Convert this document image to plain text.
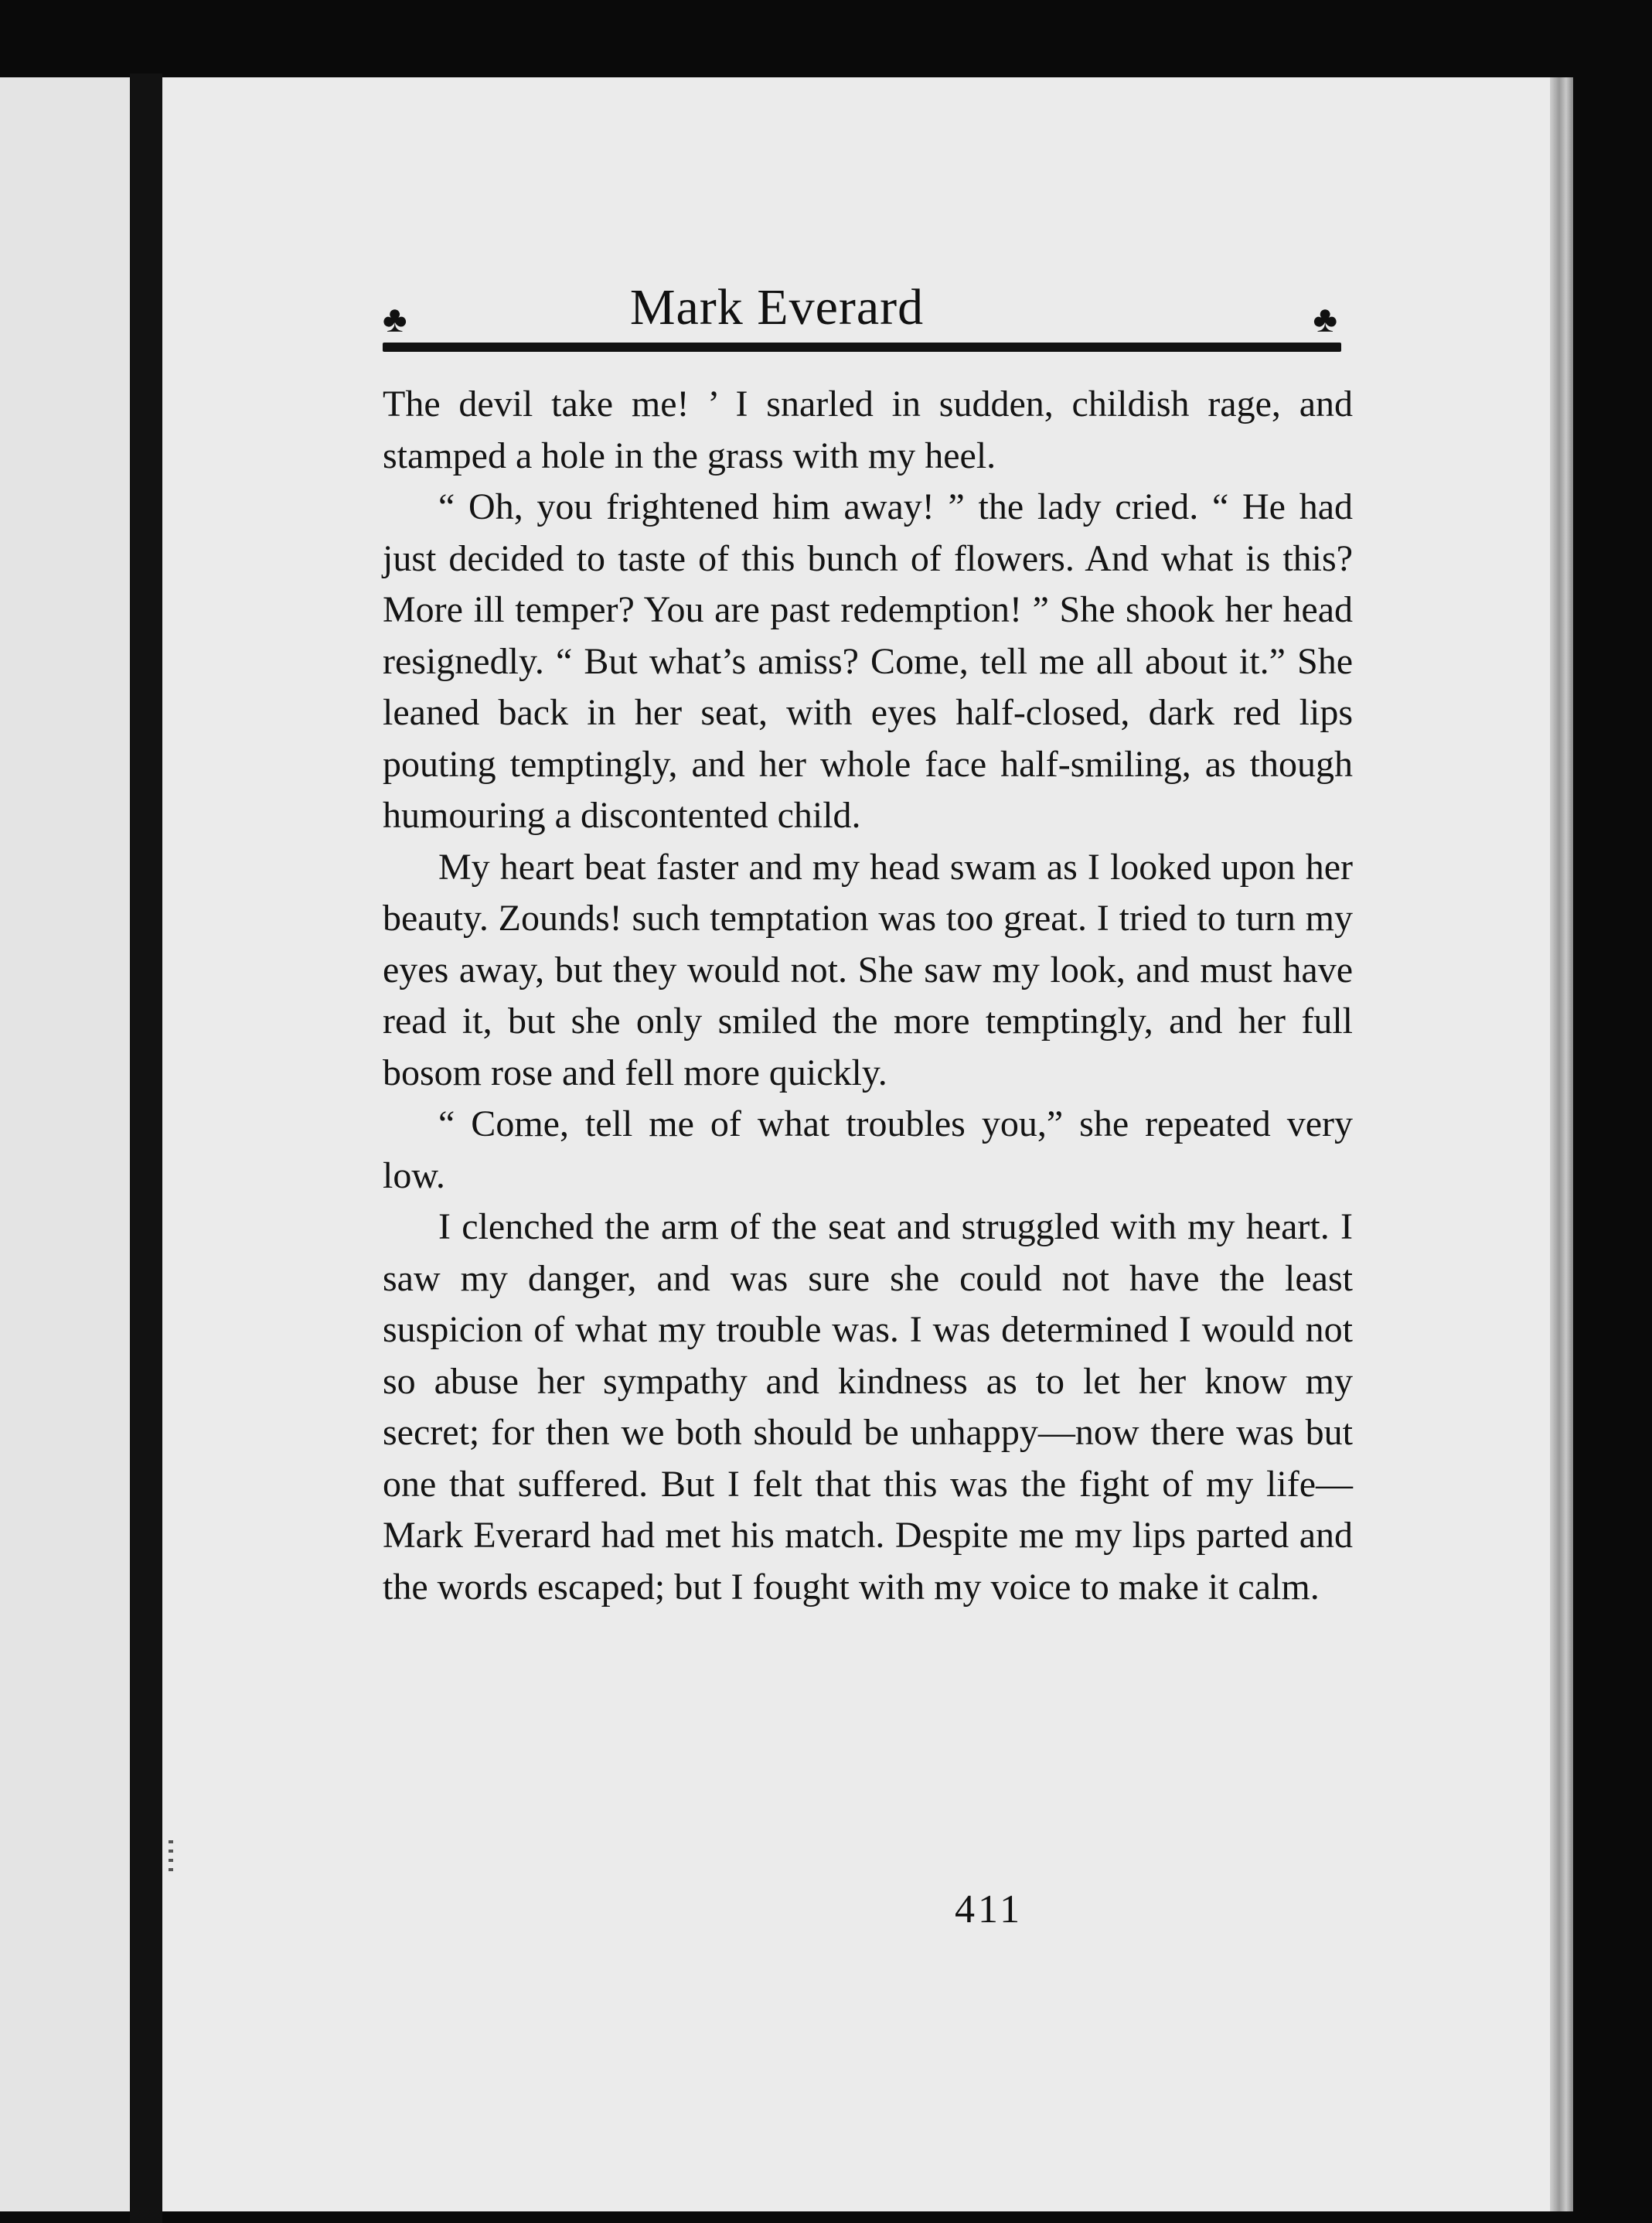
♣	Mark Everard	♣

The devil take me! ’ I snarled in sudden, childish rage, and stamped a hole in the grass with my heel.

“ Oh, you frightened him away! ” the lady cried. “ He had just decided to taste of this bunch of flowers. And what is this? More ill temper? You are past redemption! ” She shook her head resignedly. “ But what’s amiss? Come, tell me all about it.” She leaned back in her seat, with eyes half-closed, dark red lips pouting temptingly, and her whole face half-smiling, as though humouring a discontented child.

My heart beat faster and my head swam as I looked upon her beauty. Zounds! such temptation was too great. I tried to turn my eyes away, but they would not. She saw my look, and must have read it, but she only smiled the more temptingly, and her full bosom rose and fell more quickly.

“ Come, tell me of what troubles you,” she repeated very low.

I clenched the arm of the seat and struggled with my heart. I saw my danger, and was sure she could not have the least suspicion of what my trouble was. I was determined I would not so abuse her sympathy and kindness as to let her know my secret; for then we both should be unhappy—now there was but one that suffered. But I felt that this was the fight of my life—Mark Everard had met his match. Despite me my lips parted and the words escaped; but I fought with my voice to make it calm.

411
